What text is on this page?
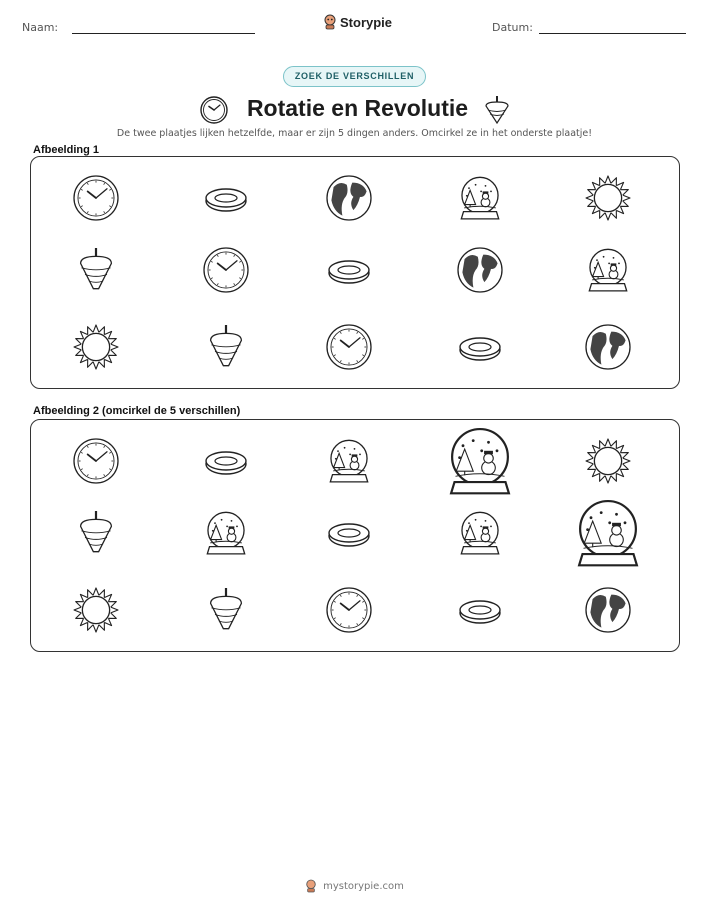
Naam:	Storypie	Datum:
ZOEK DE VERSCHILLEN
Rotatie en Revolutie
De twee plaatjes lijken hetzelfde, maar er zijn 5 dingen anders. Omcirkel ze in het onderste plaatje!
Afbeelding 1
Afbeelding 2 (omcirkel de 5 verschillen)
mystorypie.com
